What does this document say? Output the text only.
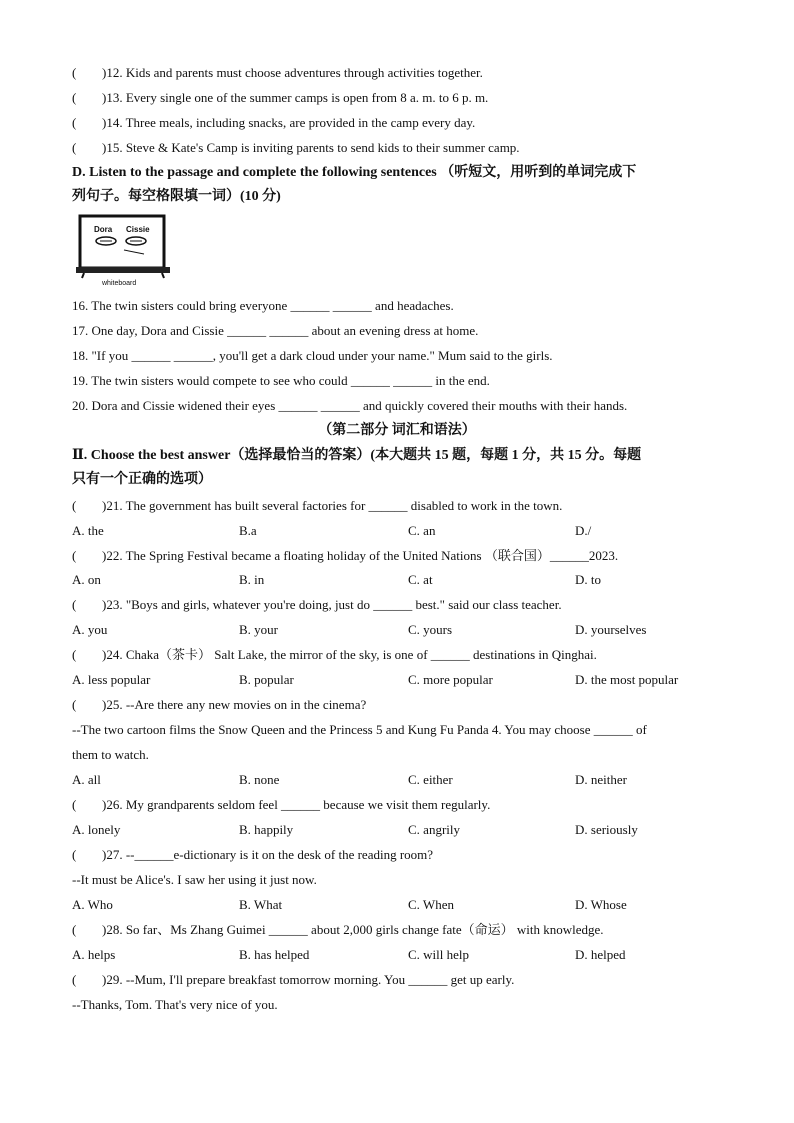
( )12. Kids and parents must choose adventures through activities together.
( )13. Every single one of the summer camps is open from 8 a. m. to 6 p. m.
( )14. Three meals, including snacks, are provided in the camp every day.
( )15. Steve & Kate's Camp is inviting parents to send kids to their summer camp.
D. Listen to the passage and complete the following sentences （听短文，用听到的单词完成下
列句子。每空格限填一词）(10 分)
Dora Cissie
whiteboard
16. The twin sisters could bring everyone ______ ______ and headaches.
17. One day, Dora and Cissie ______ ______ about an evening dress at home.
18. "If you ______ ______, you'll get a dark cloud under your name." Mum said to the girls.
19. The twin sisters would compete to see who could ______ ______ in the end.
20. Dora and Cissie widened their eyes ______ ______ and quickly covered their mouths with their hands.
（第二部分 词汇和语法）
Ⅱ. Choose the best answer（选择最恰当的答案）(本大题共 15 题，每题 1 分，共 15 分。每题
只有一个正确的选项）
( )21. The government has built several factories for ______ disabled to work in the town.
A. the	B.a	C. an	D./
( )22. The Spring Festival became a floating holiday of the United Nations （联合国）______2023.
A. on	B. in	C. at	D. to
( )23. "Boys and girls, whatever you're doing, just do ______ best." said our class teacher.
A. you	B. your	C. yours	D. yourselves
( )24. Chaka（茶卡） Salt Lake, the mirror of the sky, is one of ______ destinations in Qinghai.
A. less popular	B. popular	C. more popular	D. the most popular
( )25. --Are there any new movies on in the cinema?
--The two cartoon films the Snow Queen and the Princess 5 and Kung Fu Panda 4. You may choose ______ of
them to watch.
A. all	B. none	C. either	D. neither
( )26. My grandparents seldom feel ______ because we visit them regularly.
A. lonely	B. happily	C. angrily	D. seriously
( )27. --______e-dictionary is it on the desk of the reading room?
--It must be Alice's. I saw her using it just now.
A. Who	B. What	C. When	D. Whose
( )28. So far、Ms Zhang Guimei ______ about 2,000 girls change fate（命运） with knowledge.
A. helps	B. has helped	C. will help	D. helped
( )29. --Mum, I'll prepare breakfast tomorrow morning. You ______ get up early.
--Thanks, Tom. That's very nice of you.
